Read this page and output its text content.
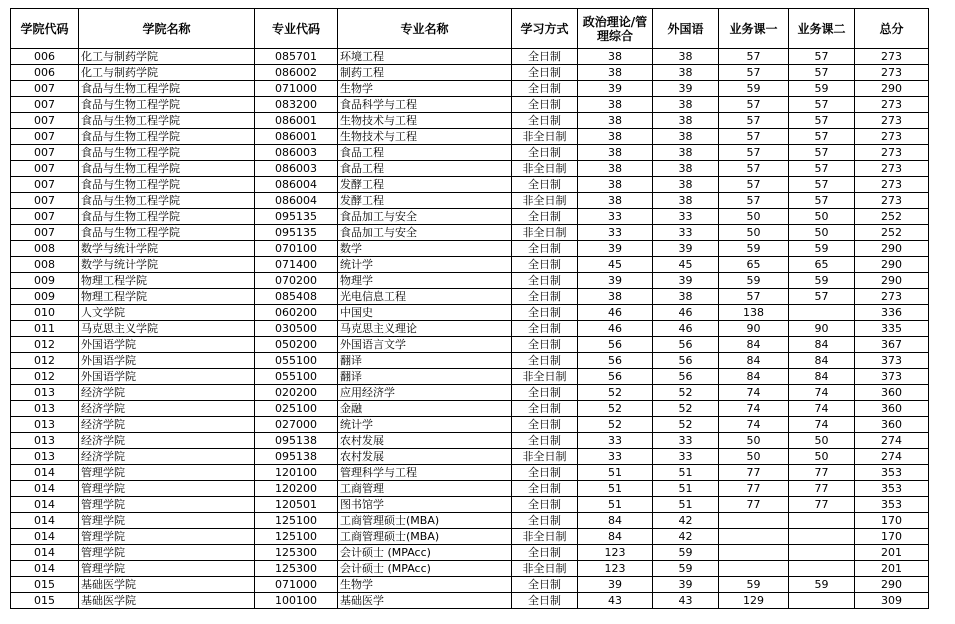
学院代码	学院名称	专业代码	专业名称	学习方式	政治理论/管理综合	外国语	业务课一	业务课二	总分
006	化工与制药学院	085701	环境工程	全日制	38	38	57	57	273
006	化工与制药学院	086002	制药工程	全日制	38	38	57	57	273
007	食品与生物工程学院	071000	生物学	全日制	39	39	59	59	290
007	食品与生物工程学院	083200	食品科学与工程	全日制	38	38	57	57	273
007	食品与生物工程学院	086001	生物技术与工程	全日制	38	38	57	57	273
007	食品与生物工程学院	086001	生物技术与工程	非全日制	38	38	57	57	273
007	食品与生物工程学院	086003	食品工程	全日制	38	38	57	57	273
007	食品与生物工程学院	086003	食品工程	非全日制	38	38	57	57	273
007	食品与生物工程学院	086004	发酵工程	全日制	38	38	57	57	273
007	食品与生物工程学院	086004	发酵工程	非全日制	38	38	57	57	273
007	食品与生物工程学院	095135	食品加工与安全	全日制	33	33	50	50	252
007	食品与生物工程学院	095135	食品加工与安全	非全日制	33	33	50	50	252
008	数学与统计学院	070100	数学	全日制	39	39	59	59	290
008	数学与统计学院	071400	统计学	全日制	45	45	65	65	290
009	物理工程学院	070200	物理学	全日制	39	39	59	59	290
009	物理工程学院	085408	光电信息工程	全日制	38	38	57	57	273
010	人文学院	060200	中国史	全日制	46	46	138		336
011	马克思主义学院	030500	马克思主义理论	全日制	46	46	90	90	335
012	外国语学院	050200	外国语言文学	全日制	56	56	84	84	367
012	外国语学院	055100	翻译	全日制	56	56	84	84	373
012	外国语学院	055100	翻译	非全日制	56	56	84	84	373
013	经济学院	020200	应用经济学	全日制	52	52	74	74	360
013	经济学院	025100	金融	全日制	52	52	74	74	360
013	经济学院	027000	统计学	全日制	52	52	74	74	360
013	经济学院	095138	农村发展	全日制	33	33	50	50	274
013	经济学院	095138	农村发展	非全日制	33	33	50	50	274
014	管理学院	120100	管理科学与工程	全日制	51	51	77	77	353
014	管理学院	120200	工商管理	全日制	51	51	77	77	353
014	管理学院	120501	图书馆学	全日制	51	51	77	77	353
014	管理学院	125100	工商管理硕士(MBA)	全日制	84	42			170
014	管理学院	125100	工商管理硕士(MBA)	非全日制	84	42			170
014	管理学院	125300	会计硕士 (MPAcc)	全日制	123	59			201
014	管理学院	125300	会计硕士 (MPAcc)	非全日制	123	59			201
015	基础医学院	071000	生物学	全日制	39	39	59	59	290
015	基础医学院	100100	基础医学	全日制	43	43	129		309
